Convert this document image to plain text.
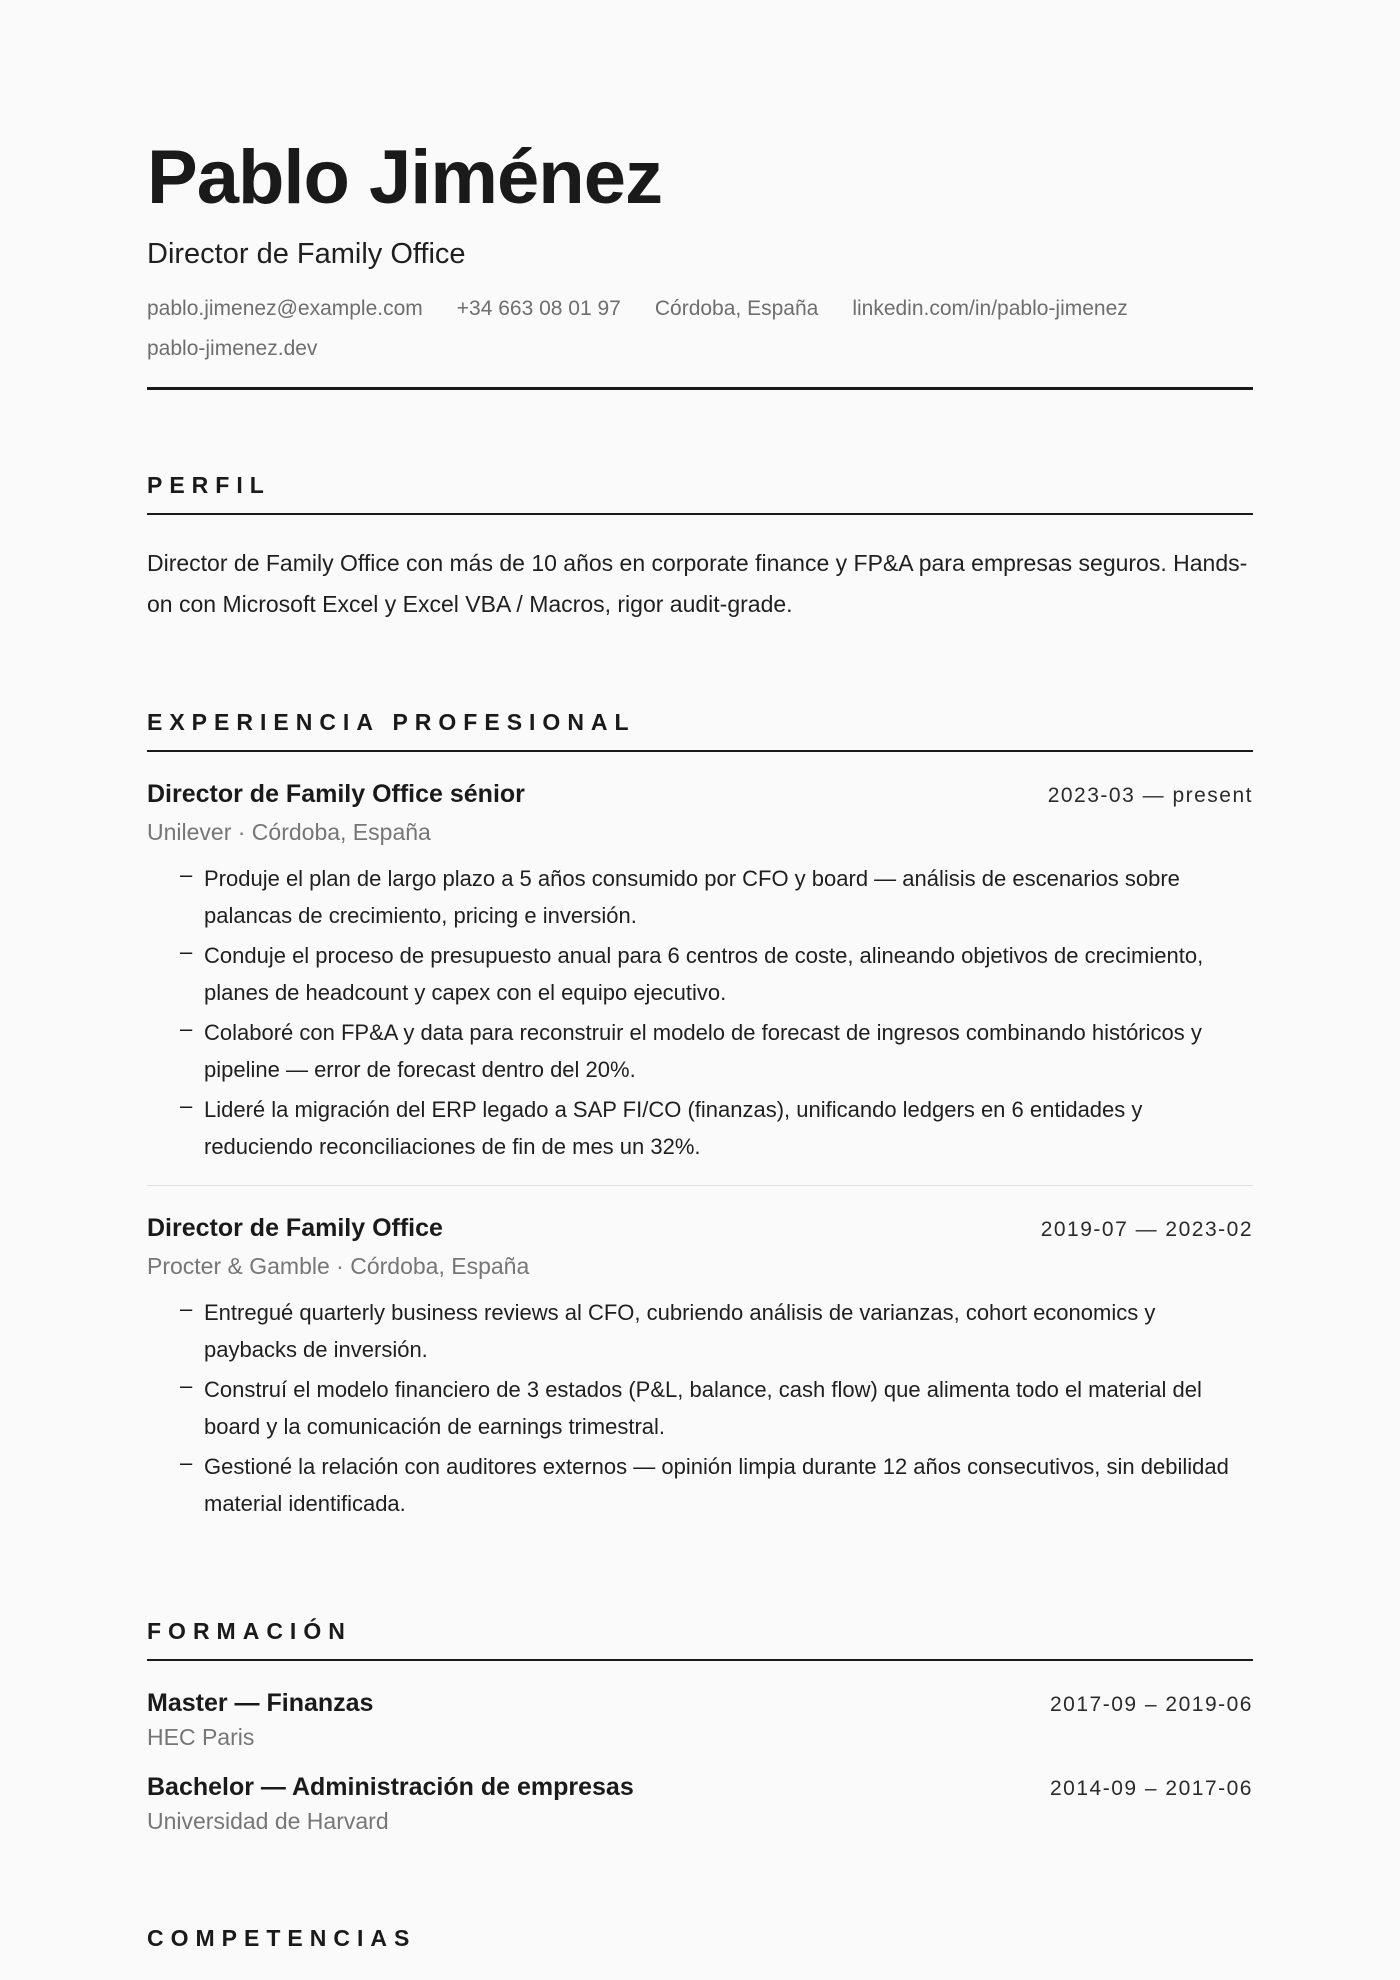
Pablo Jiménez
Director de Family Office
pablo.jimenez@example.com +34 663 08 01 97 Córdoba, España linkedin.com/in/pablo-jimenez
pablo-jimenez.dev
PERFIL
Director de Family Office con más de 10 años en corporate finance y FP&A para empresas seguros. Hands-on con Microsoft Excel y Excel VBA / Macros, rigor audit-grade.
EXPERIENCIA PROFESIONAL
Director de Family Office sénior	2023-03 — present
Unilever · Córdoba, España
– Produje el plan de largo plazo a 5 años consumido por CFO y board — análisis de escenarios sobre palancas de crecimiento, pricing e inversión.
– Conduje el proceso de presupuesto anual para 6 centros de coste, alineando objetivos de crecimiento, planes de headcount y capex con el equipo ejecutivo.
– Colaboré con FP&A y data para reconstruir el modelo de forecast de ingresos combinando históricos y pipeline — error de forecast dentro del 20%.
– Lideré la migración del ERP legado a SAP FI/CO (finanzas), unificando ledgers en 6 entidades y reduciendo reconciliaciones de fin de mes un 32%.
Director de Family Office	2019-07 — 2023-02
Procter & Gamble · Córdoba, España
– Entregué quarterly business reviews al CFO, cubriendo análisis de varianzas, cohort economics y paybacks de inversión.
– Construí el modelo financiero de 3 estados (P&L, balance, cash flow) que alimenta todo el material del board y la comunicación de earnings trimestral.
– Gestioné la relación con auditores externos — opinión limpia durante 12 años consecutivos, sin debilidad material identificada.
FORMACIÓN
Master — Finanzas	2017-09 – 2019-06
HEC Paris
Bachelor — Administración de empresas	2014-09 – 2017-06
Universidad de Harvard
COMPETENCIAS
